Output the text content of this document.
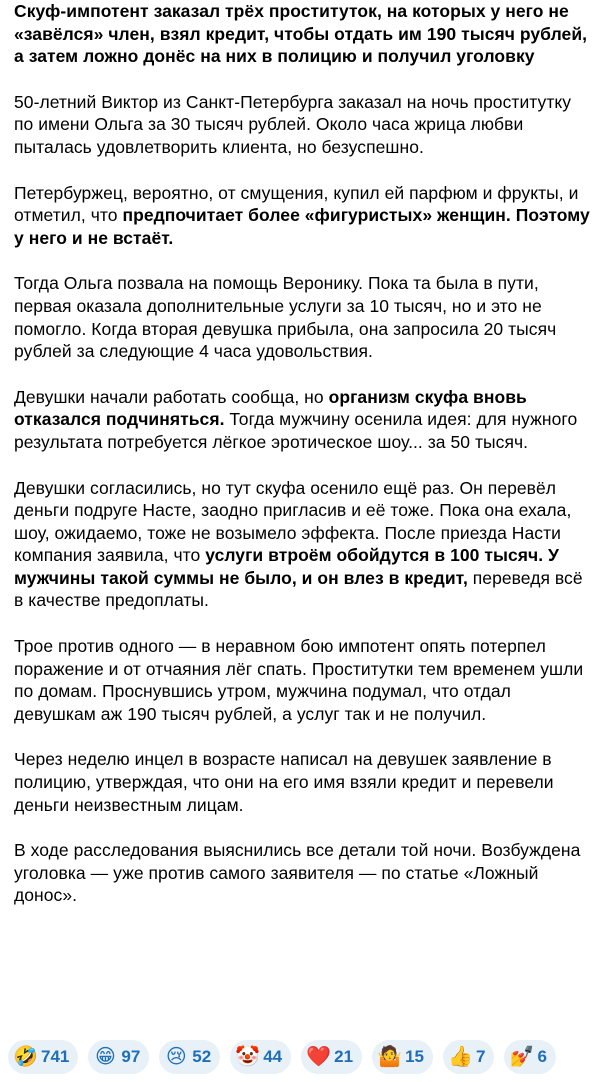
Скуф-импотент заказал трёх проституток, на которых у него не «завёлся» член, взял кредит, чтобы отдать им 190 тысяч рублей, а затем ложно донёс на них в полицию и получил уголовку
50-летний Виктор из Санкт-Петербурга заказал на ночь проститутку по имени Ольга за 30 тысяч рублей. Около часа жрица любви пыталась удовлетворить клиента, но безуспешно.
Петербуржец, вероятно, от смущения, купил ей парфюм и фрукты, и отметил, что предпочитает более «фигуристых» женщин. Поэтому у него и не встаёт.
Тогда Ольга позвала на помощь Веронику. Пока та была в пути, первая оказала дополнительные услуги за 10 тысяч, но и это не помогло. Когда вторая девушка прибыла, она запросила 20 тысяч рублей за следующие 4 часа удовольствия.
Девушки начали работать сообща, но организм скуфа вновь отказался подчиняться. Тогда мужчину осенила идея: для нужного результата потребуется лёгкое эротическое шоу... за 50 тысяч.
Девушки согласились, но тут скуфа осенило ещё раз. Он перевёл деньги подруге Насте, заодно пригласив и её тоже. Пока она ехала, шоу, ожидаемо, тоже не возымело эффекта. После приезда Насти компания заявила, что услуги втроём обойдутся в 100 тысяч. У мужчины такой суммы не было, и он влез в кредит, переведя всё в качестве предоплаты.
Трое против одного — в неравном бою импотент опять потерпел поражение и от отчаяния лёг спать. Проститутки тем временем ушли по домам. Проснувшись утром, мужчина подумал, что отдал девушкам аж 190 тысяч рублей, а услуг так и не получил.
Через неделю инцел в возрасте написал на девушек заявление в полицию, утверждая, что они на его имя взяли кредит и перевели деньги неизвестным лицам.
В ходе расследования выяснились все детали той ночи. Возбуждена уголовка — уже против самого заявителя — по статье «Ложный донос».
🤣 741 😁 97 😢 52 🤡 44 ❤️ 21 🤷 15 👍 7 💅 6
